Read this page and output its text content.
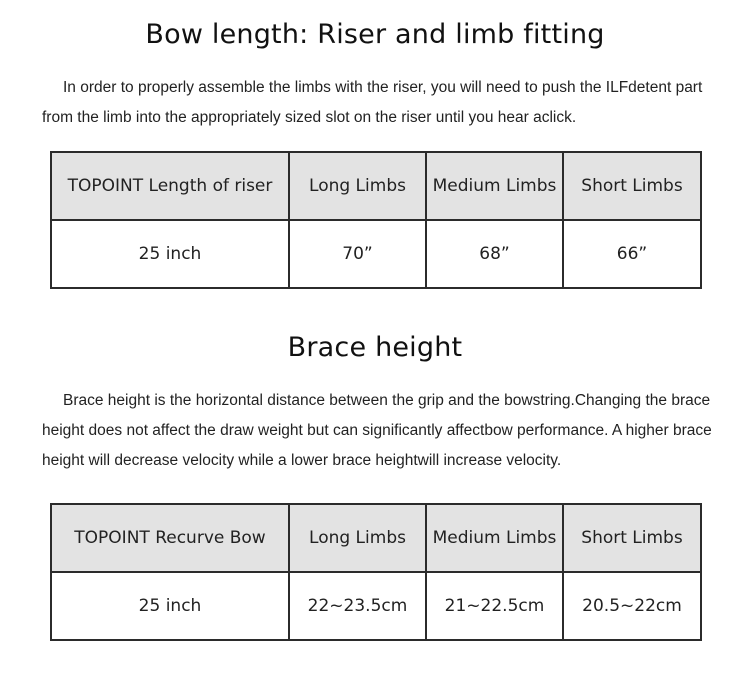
Bow length: Riser and limb fitting

In order to properly assemble the limbs with the riser, you will need to push the ILFdetent part
from the limb into the appropriately sized slot on the riser until you hear aclick.

TOPOINT Length of riser	Long Limbs	Medium Limbs	Short Limbs
25 inch	70”	68”	66”
Brace height

Brace height is the horizontal distance between the grip and the bowstring.Changing the brace
height does not affect the draw weight but can significantly affectbow performance. A higher brace
height will decrease velocity while a lower brace heightwill increase velocity.

TOPOINT Recurve Bow	Long Limbs	Medium Limbs	Short Limbs
25 inch	22~23.5cm	21~22.5cm	20.5~22cm
